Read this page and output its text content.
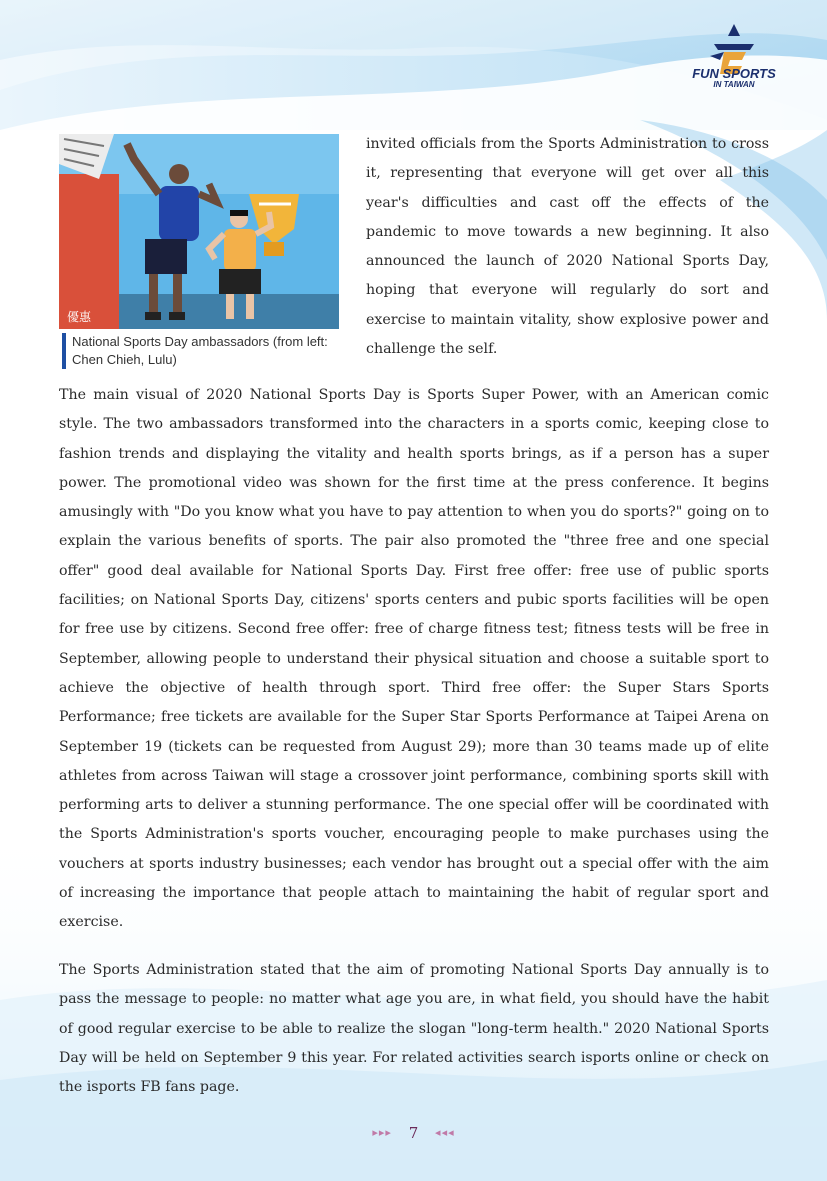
FUN SPORTS
IN TAIWAN
優惠
National Sports Day ambassadors (from left: Chen Chieh, Lulu)

invited officials from the Sports Administration to cross it, representing that everyone will get over all this year's difficulties and cast off the effects of the pandemic to move towards a new beginning. It also announced the launch of 2020 National Sports Day, hoping that everyone will regularly do sort and exercise to maintain vitality, show explosive power and challenge the self.

The main visual of 2020 National Sports Day is Sports Super Power, with an American comic style. The two ambassadors transformed into the characters in a sports comic, keeping close to fashion trends and displaying the vitality and health sports brings, as if a person has a super power. The promotional video was shown for the first time at the press conference. It begins amusingly with "Do you know what you have to pay attention to when you do sports?" going on to explain the various benefits of sports. The pair also promoted the "three free and one special offer" good deal available for National Sports Day. First free offer: free use of public sports facilities; on National Sports Day, citizens' sports centers and pubic sports facilities will be open for free use by citizens. Second free offer: free of charge fitness test; fitness tests will be free in September, allowing people to understand their physical situation and choose a suitable sport to achieve the objective of health through sport. Third free offer: the Super Stars Sports Performance; free tickets are available for the Super Star Sports Performance at Taipei Arena on September 19 (tickets can be requested from August 29); more than 30 teams made up of elite athletes from across Taiwan will stage a crossover joint performance, combining sports skill with performing arts to deliver a stunning performance. The one special offer will be coordinated with the Sports Administration's sports voucher, encouraging people to make purchases using the vouchers at sports industry businesses; each vendor has brought out a special offer with the aim of increasing the importance that people attach to maintaining the habit of regular sport and exercise.

The Sports Administration stated that the aim of promoting National Sports Day annually is to pass the message to people: no matter what age you are, in what field, you should have the habit of good regular exercise to be able to realize the slogan "long-term health." 2020 National Sports Day will be held on September 9 this year. For related activities search isports online or check on the isports FB fans page.

▸▸▸ 7 ◂◂◂
